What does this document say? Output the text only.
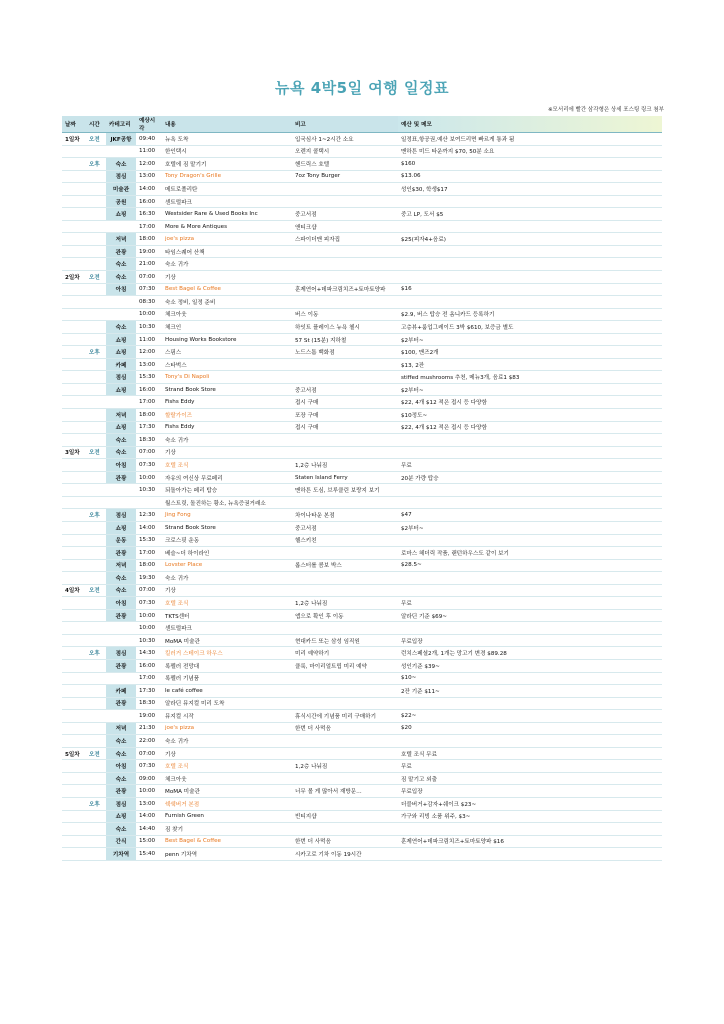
뉴욕 4박5일 여행 일정표
※모서리에 빨간 삼각형은 상세 포스팅 링크 첨부
날짜	시간	카테고리	예상시각	내용	비고	예산 및 메모
1일차	오전	JKF공항	09:40	뉴욕 도착	입국심사 1~2시간 소요	일정표,항공권,예산 보여드리면 빠르게 통과 됨
			11:00	한인택시	오렌지 콜택시	맨하튼 미드 타운까지 $70, 50분 소요
	오후	숙소	12:00	호텔에 짐 맡기기	헨드릭스 호텔	$160
		점심	13:00	Tony Dragon's Grille	7oz Tony Burger	$13.06
		미술관	14:00	메트로폴리탄		성인$30, 학생$17
		공원	16:00	센트럴파크		
		쇼핑	16:30	Westsider Rare & Used Books Inc	중고서점	중고 LP, 도서 $5
			17:00	More & More Antiques	앤티크샵	
		저녁	18:00	joe's pizza	스파이더맨 피자집	$25(피자4+음료)
		관광	19:00	타임스퀘어 산책		
		숙소	21:00	숙소 귀가		
2일차	오전	숙소	07:00	기상		
		아침	07:30	Best Bagel & Coffee	훈제연어+데파크림치즈+토마토양파	$16
			08:30	숙소 정비, 일정 준비		
			10:00	체크아웃	버스 이동	$2.9, 버스 탑승 전 옴니카드 등록하기
		숙소	10:30	체크인	하잇트 플레이스 뉴욕 첼시	고층뷰+룸업그레이드 3박 $610, 보증금 별도
		쇼핑	11:00	Housing Works Bookstore	57 St (15분) 지하철	$2부터~
	오후	쇼핑	12:00	스핌스	노드스톰 백화점	$100, 맨즈2개
		카페	13:00	스타벅스		$13, 2잔
		점심	15:30	Tony's Di Napoli		stiffed mushrooms 추천, 메뉴3개, 음료1 $83
		쇼핑	16:00	Strand Book Store	중고서점	$2부터~
			17:00	Fishs Eddy	접시 구매	$22, 4개 $12 적은 접시 등 다양함
		저녁	18:00	할랄가이즈	포장 구매	$10정도~
		쇼핑	17:30	Fishs Eddy	접시 구매	$22, 4개 $12 적은 접시 등 다양함
		숙소	18:30	숙소 귀가		
3일차	오전	숙소	07:00	기상		
		아침	07:30	호텔 조식	1,2층 나눠짐	무료
		관광	10:00	자유의 여신상 무료페리	Staten Island Ferry	20분 가량 탑승
			10:30	되돌아가는 페리 탑승	맨하튼 도심, 브루클린 보랑지 보기	
				월스트릿, 돌진하는 황소, 뉴욕증권거래소		
	오후	점심	12:30	Jing Fong	차이나타운 본점	$47
		쇼핑	14:00	Strand Book Store	중고서점	$2부터~
		운동	15:30	크로스핏 운동	헬스키친	
		관광	17:00	베슬~더 하이라인		로마스 헤더릭 작품, 랜턴하우스도 같이 보기
		저녁	18:00	Lovster Place	롭스터롤 콤보 박스	$28.5~
		숙소	19:30	숙소 귀가		
4일차	오전	숙소	07:00	기상		
		아침	07:30	호텔 조식	1,2층 나눠짐	무료
		관광	10:00	TKTS센터	앱으로 확인 후 이동	알라딘 기준 $69~
			10:00	센트럴파크		
			10:30	MoMA 미술관	현대카드 또는 삼성 임직원	무료입장
	오후	점심	14:30	킬러거 스테이크 하우스	미리 예약하기	런치스페셜2개, 1개는 망고기 변경 $89.28
		관광	16:00	록펠러 전망대	클룩, 마이리얼트립 미리 예약	성인기준 $39~
			17:00	록펠러 기념품		$10~
		카페	17:30	le café coffee		2잔 기준 $11~
		관광	18:30	알라딘 뮤지컬 미리 도착		
			19:00	뮤지컬 시작	휴식시간에 기념품 미리 구매하기	$22~
		저녁	21:30	joe's pizza	한번 더 사먹음	$20
		숙소	22:00	숙소 귀가		
5일차	오전	숙소	07:00	기상		호텔 조식 무료
		아침	07:30	호텔 조식	1,2층 나눠짐	무료
		숙소	09:00	체크아웃		짐 맡기고 외출
		관광	10:00	MoMA 미술관	너무 볼 게 많아서 재방문…	무료입장
	오후	점심	13:00	쉑쉑버거 본점		더블버거+감자+쉐이크 $23~
		쇼핑	14:00	Furnish Green	빈티지샵	가구와 리빙 소품 위주, $3~
		숙소	14:40	짐 찾기		
		간식	15:00	Best Bagel & Coffee	한번 더 사먹음	훈제연어+데파크림치즈+토마토양파 $16
		기차역	15:40	penn 기차역	시카고로 기차 이동 19시간	
